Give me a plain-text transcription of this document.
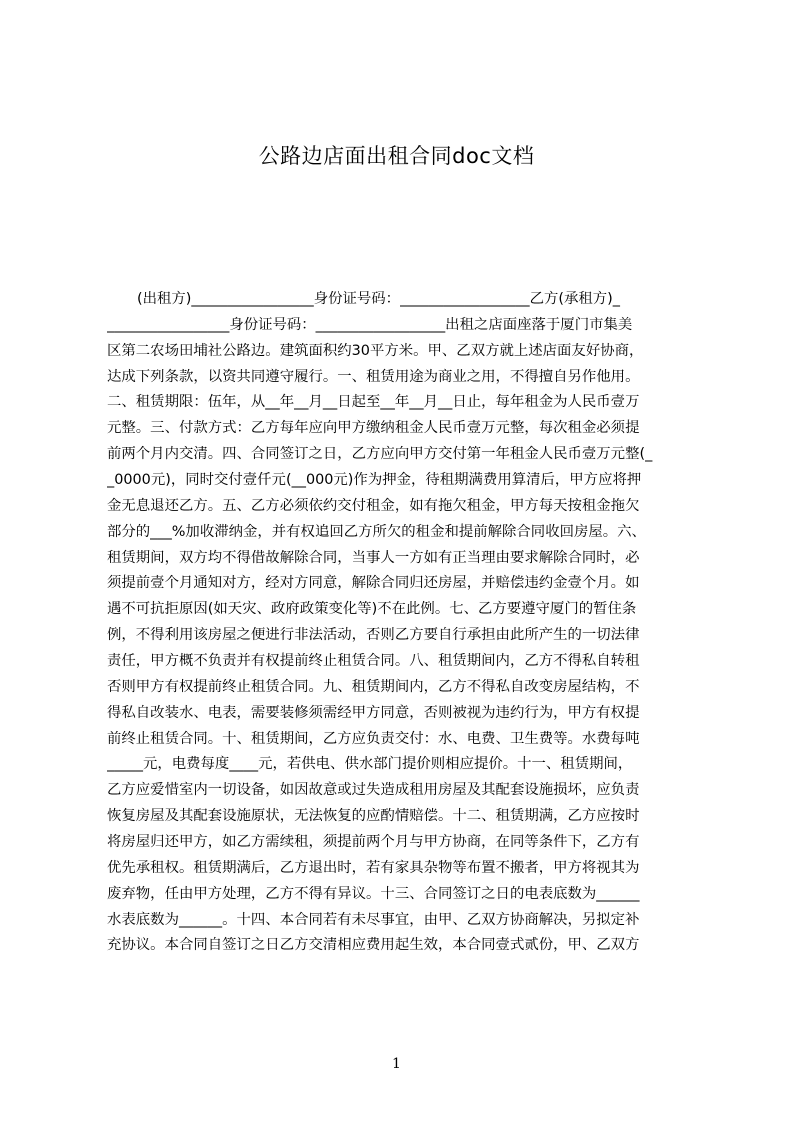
公路边店面出租合同doc文档
(出租方)_________________身份证号码：__________________乙方(承租方)_
_________________身份证号码：__________________出租之店面座落于厦门市集美
区第二农场田埔社公路边。建筑面积约30平方米。甲、乙双方就上述店面友好协商，
达成下列条款，以资共同遵守履行。一、租赁用途为商业之用，不得擅自另作他用。
二、租赁期限：伍年，从__年__月__日起至__年__月__日止，每年租金为人民币壹万
元整。三、付款方式：乙方每年应向甲方缴纳租金人民币壹万元整，每次租金必须提
前两个月内交清。四、合同签订之日，乙方应向甲方交付第一年租金人民币壹万元整(_
_0000元)，同时交付壹仟元(__000元)作为押金，待租期满费用算清后，甲方应将押
金无息退还乙方。五、乙方必须依约交付租金，如有拖欠租金，甲方每天按租金拖欠
部分的___%加收滞纳金，并有权追回乙方所欠的租金和提前解除合同收回房屋。六、
租赁期间，双方均不得借故解除合同，当事人一方如有正当理由要求解除合同时，必
须提前壹个月通知对方，经对方同意，解除合同归还房屋，并赔偿违约金壹个月。如
遇不可抗拒原因(如天灾、政府政策变化等)不在此例。七、乙方要遵守厦门的暂住条
例，不得利用该房屋之便进行非法活动，否则乙方要自行承担由此所产生的一切法律
责任，甲方概不负责并有权提前终止租赁合同。八、租赁期间内，乙方不得私自转租
否则甲方有权提前终止租赁合同。九、租赁期间内，乙方不得私自改变房屋结构，不
得私自改装水、电表，需要装修须需经甲方同意，否则被视为违约行为，甲方有权提
前终止租赁合同。十、租赁期间，乙方应负责交付：水、电费、卫生费等。水费每吨
_____元，电费每度____元，若供电、供水部门提价则相应提价。十一、租赁期间，
乙方应爱惜室内一切设备，如因故意或过失造成租用房屋及其配套设施损坏，应负责
恢复房屋及其配套设施原状，无法恢复的应酌情赔偿。十二、租赁期满，乙方应按时
将房屋归还甲方，如乙方需续租，须提前两个月与甲方协商，在同等条件下，乙方有
优先承租权。租赁期满后，乙方退出时，若有家具杂物等布置不搬者，甲方将视其为
废弃物，任由甲方处理，乙方不得有异议。十三、合同签订之日的电表底数为______
水表底数为______。十四、本合同若有未尽事宜，由甲、乙双方协商解决，另拟定补
充协议。本合同自签订之日乙方交清相应费用起生效，本合同壹式贰份，甲、乙双方
1
